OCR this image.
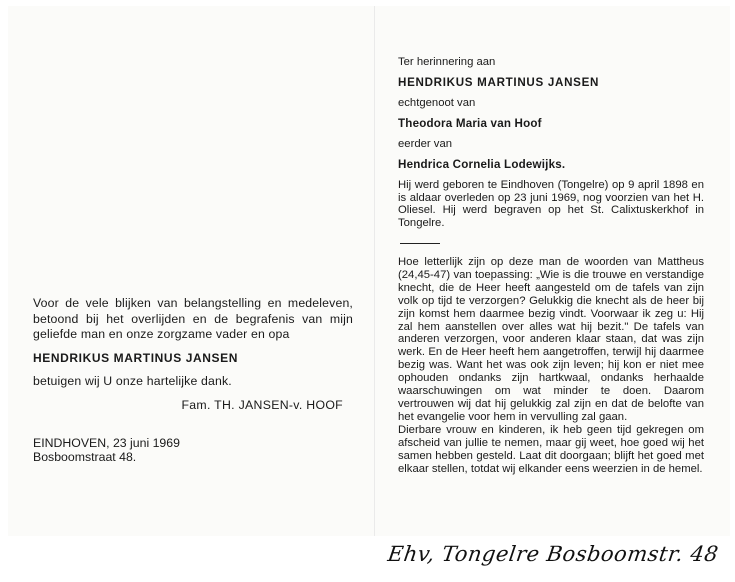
Voor de vele blijken van belangstelling en medeleven, betoond bij het overlijden en de begrafenis van mijn geliefde man en onze zorgzame vader en opa

HENDRIKUS MARTINUS JANSEN
betuigen wij U onze hartelijke dank.
Fam. TH. JANSEN-v. HOOF
EINDHOVEN, 23 juni 1969
Bosboomstraat 48.

Ter herinnering aan

HENDRIKUS MARTINUS JANSEN

echtgenoot van

Theodora Maria van Hoof

eerder van

Hendrica Cornelia Lodewijks.

Hij werd geboren te Eindhoven (Tongelre) op 9 april 1898 en is aldaar overleden op 23 juni 1969, nog voorzien van het H. Oliesel. Hij werd begraven op het St. Calixtuskerkhof in Tongelre.

Hoe letterlijk zijn op deze man de woorden van Mattheus (24,45-47) van toepassing: „Wie is die trouwe en verstandige knecht, die de Heer heeft aangesteld om de tafels van zijn volk op tijd te verzorgen? Gelukkig die knecht als de heer bij zijn komst hem daarmee bezig vindt. Voorwaar ik zeg u: Hij zal hem aanstellen over alles wat hij bezit." De tafels van anderen verzorgen, voor anderen klaar staan, dat was zijn werk. En de Heer heeft hem aangetroffen, terwijl hij daarmee bezig was. Want het was ook zijn leven; hij kon er niet mee ophouden ondanks zijn hartkwaal, ondanks herhaalde waarschuwingen om wat minder te doen. Daarom vertrouwen wij dat hij gelukkig zal zijn en dat de belofte van het evangelie voor hem in vervulling zal gaan.

Dierbare vrouw en kinderen, ik heb geen tijd gekregen om afscheid van jullie te nemen, maar gij weet, hoe goed wij het samen hebben gesteld. Laat dit doorgaan; blijft het goed met elkaar stellen, totdat wij elkander eens weerzien in de hemel.

Ehv, Tongelre Bosboomstr. 48
